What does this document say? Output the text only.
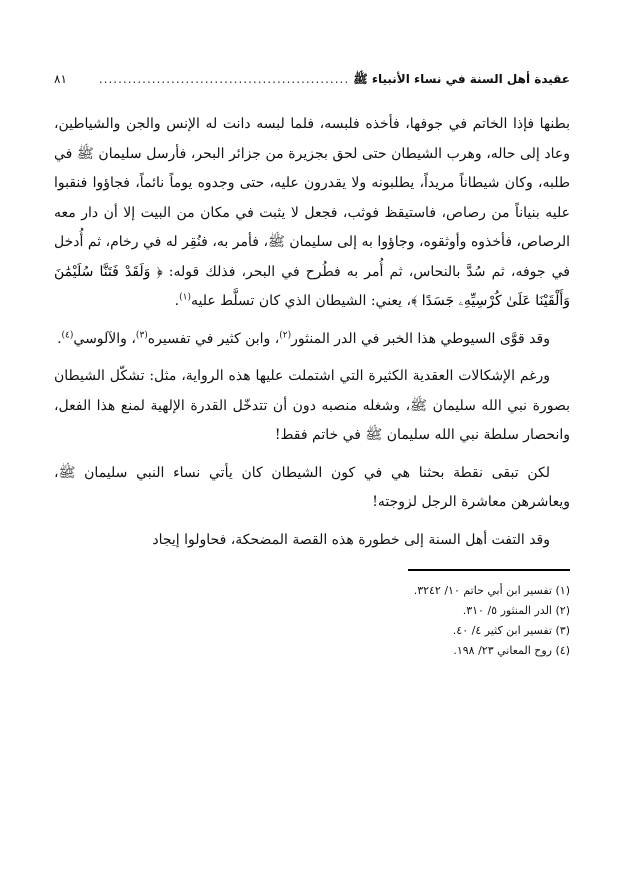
عقيدة أهل السنة في نساء الأنبياء ﷺ
....................................................
٨١

بطنها فإذا الخاتم في جوفها، فأخذه فلبسه، فلما لبسه دانت له الإنس والجن والشياطين، وعاد إلى حاله، وهرب الشيطان حتى لحق بجزيرة من جزائر البحر، فأرسل سليمان ﷺ في طلبه، وكان شيطاناً مريداً، يطلبونه ولا يقدرون عليه، حتى وجدوه يوماً نائماً، فجاؤوا فنقبوا عليه بنياناً من رصاص، فاستيقظ فوثب، فجعل لا يثبت في مكان من البيت إلا أن دار معه الرصاص، فأخذوه وأوثقوه، وجاؤوا به إلى سليمان ﷺ، فأمر به، فنُقِر له في رخام، ثم أُدخل في جوفه، ثم سُدَّ بالنحاس، ثم أُمر به فطُرح في البحر، فذلك قوله: ﴿ وَلَقَدْ فَتَنَّا سُلَيْمَٰنَ وَأَلْقَيْنَا عَلَىٰ كُرْسِيِّهِۦ جَسَدًا ﴾، يعني: الشيطان الذي كان تسلَّط عليه$^{(١)}$.

وقد قوَّى السيوطي هذا الخبر في الدر المنثور$^{(٢)}$، وابن كثير في تفسيره$^{(٣)}$، والآلوسي$^{(٤)}$.

ورغم الإشكالات العقدية الكثيرة التي اشتملت عليها هذه الرواية، مثل: تشكّل الشيطان بصورة نبي الله سليمان ﷺ، وشغله منصبه دون أن تتدخّل القدرة الإلهية لمنع هذا الفعل، وانحصار سلطة نبي الله سليمان ﷺ في خاتم فقط!

لكن تبقى نقطة بحثنا هي في كون الشيطان كان يأتي نساء النبي سليمان ﷺ، ويعاشرهن معاشرة الرجل لزوجته!

وقد التفت أهل السنة إلى خطورة هذه القصة المضحكة، فحاولوا إيجاد

(١) تفسير ابن أبي حاتم ١٠/ ٣٢٤٢.
(٢) الدر المنثور ٥/ ٣١٠.
(٣) تفسير ابن كثير ٤/ ٤٠.
(٤) روح المعاني ٢٣/ ١٩٨.
